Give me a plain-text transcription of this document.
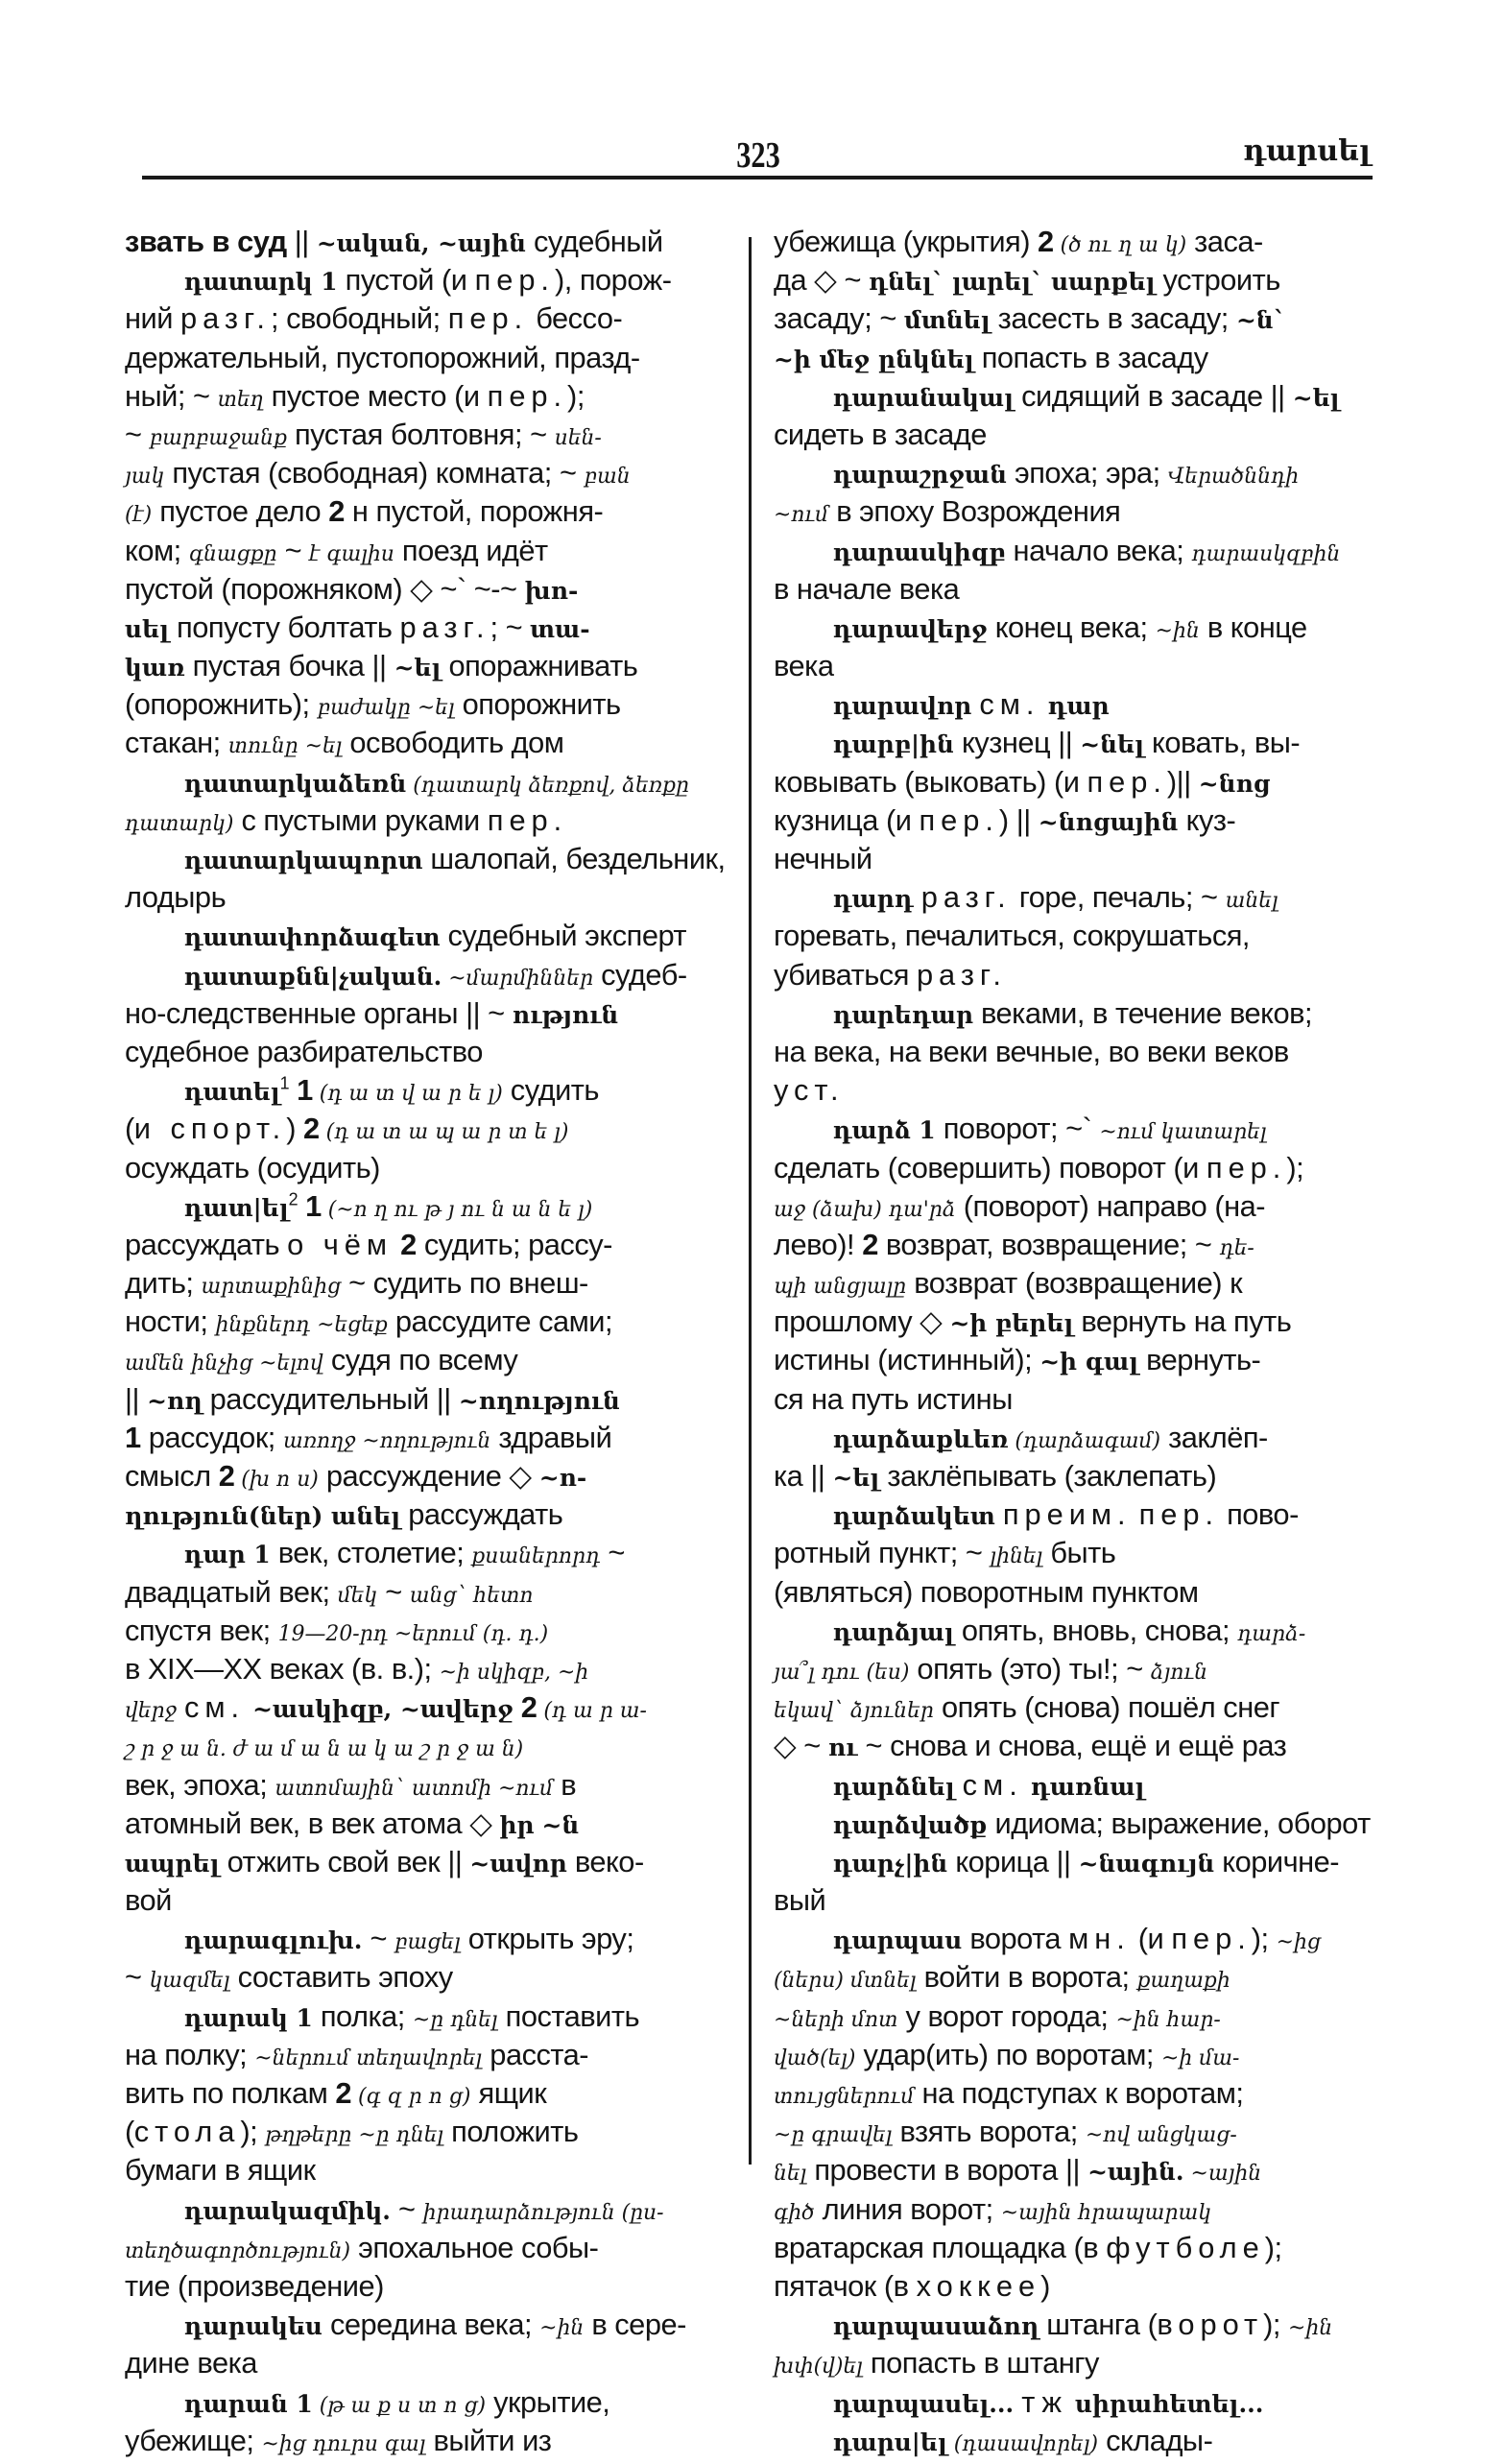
323	դարսել
звать в суд || ~ական, ~ային судебный
դատարկ 1 пустой (и пер.), порож-
ний разг.; свободный; пер. бессо-
держательный, пустопорожний, празд-
ный; ~ տեղ пустое место (и пер.);
~ բարբաջանք пустая болтовня; ~ սեն-
յակ пустая (свободная) комната; ~ բան
(է) пустое дело 2 н пустой, порожня-
ком; գնացքը ~ է գալիս поезд идёт
пустой (порожняком) ◇ ~` ~-~ խո-
սել попусту болтать разг.; ~ տա-
կառ пустая бочка || ~ել опоражнивать
(опорожнить); բաժակը ~ել опорожнить
стакан; տունը ~ել освободить дом
դատարկաձեռն (դատարկ ձեռքով, ձեռքը
դատարկ) с пустыми руками пер.
դատարկապորտ шалопай, бездельник,
лодырь
դատափորձագետ судебный эксперт
դատաքնն|չական. ~մարմիններ судеб-
но-следственные органы || ~ ություն
судебное разбирательство
դատել$^1$ 1 (դ ա տ վ ա ր ե լ) судить
(и спорт.) 2 (դ ա տ ա պ ա ր տ ե լ)
осуждать (осудить)
դատ|ել$^2$ 1 (~ո ղ ու թ յ ու ն ա ն ե լ)
рассуждать о чём 2 судить; рассу-
дить; արտաքինից ~ судить по внеш-
ности; ինքներդ ~եցեք рассудите сами;
ամեն ինչից ~ելով судя по всему
|| ~ող рассудительный || ~ողություն
1 рассудок; առողջ ~ողություն здравый
смысл 2 (խ ո ս) рассуждение ◇ ~ո-
ղություն(ներ) անել рассуждать
դար 1 век, столетие; քսաներորդ ~
двадцатый век; մեկ ~ անց` հետո
спустя век; 19—20-րդ ~երում (դ. դ.)
в XIX—XX веках (в. в.); ~ի սկիզբ, ~ի
վերջ см. ~ասկիզբ, ~ավերջ 2 (դ ա ր ա-
շ ր ջ ա ն. ժ ա մ ա ն ա կ ա շ ր ջ ա ն)
век, эпоха; ատոմային` ատոմի ~ում в
атомный век, в век атома ◇ իր ~ն
ապրել отжить свой век || ~ավոր веко-
вой
դարագլուխ. ~ բացել открыть эру;
~ կազմել составить эпоху
դարակ 1 полка; ~ը դնել поставить
на полку; ~ներում տեղավորել расста-
вить по полкам 2 (գ զ ր ո ց) ящик
(стола); թղթերը ~ը դնել положить
бумаги в ящик
դարակազմիկ. ~ իրադարձություն (ըս-
տեղծագործություն) эпохальное собы-
тие (произведение)
դարակես середина века; ~ին в сере-
дине века
դարան 1 (թ ա ք ս տ ո ց) укрытие,
убежище; ~ից դուրս գալ выйти из
убежища (укрытия) 2 (ծ ու ղ ա կ) заса-
да ◇ ~ դնել` լարել` սարքել устроить
засаду; ~ մտնել засесть в засаду; ~ն`
~ի մեջ ընկնել попасть в засаду
դարանակալ сидящий в засаде || ~ել
сидеть в засаде
դարաշրջան эпоха; эра; Վերածննդի
~ում в эпоху Возрождения
դարասկիզբ начало века; դարասկզբին
в начале века
դարավերջ конец века; ~ին в конце
века
դարավոր см. դար
դարբ|ին кузнец || ~նել ковать, вы-
ковывать (выковать) (и пер.)|| ~նոց
кузница (и пер.) || ~նոցային куз-
нечный
դարդ разг. горе, печаль; ~ անել
горевать, печалиться, сокрушаться,
убиваться разг.
դարեդար веками, в течение веков;
на века, на веки вечные, во веки веков
уст.
դարձ 1 поворот; ~` ~ում կատարել
сделать (совершить) поворот (и пер.);
աջ (ձախ) դա'րձ (поворот) направо (на-
лево)! 2 возврат, возвращение; ~ դե-
պի անցյալը возврат (возвращение) к
прошлому ◇ ~ի բերել вернуть на путь
истины (истинный); ~ի գալ вернуть-
ся на путь истины
դարձաքևեռ (դարձագամ) заклёп-
ка || ~ել заклёпывать (заклепать)
դարձակետ преим. пер. пово-
ротный пункт; ~ լինել быть
(являться) поворотным пунктом
դարձյալ опять, вновь, снова; դարձ-
յա՞լ դու (ես) опять (это) ты!; ~ ձյուն
եկավ` ձյուներ опять (снова) пошёл снег
◇ ~ ու ~ снова и снова, ещё и ещё раз
դարձնել см. դառնալ
դարձվածք идиома; выражение, оборот
դարչ|ին корица || ~նագույն коричне-
вый
դարպաս ворота мн. (и пер.); ~ից
(ներս) մտնել войти в ворота; քաղաքի
~ների մոտ у ворот города; ~ին հար-
ված(ել) удар(ить) по воротам; ~ի մա-
տույցներում на подступах к воротам;
~ը գրավել взять ворота; ~ով անցկաց-
նել провести в ворота || ~ային. ~ային
գիծ линия ворот; ~ային հրապարակ
вратарская площадка (в футболе);
пятачок (в хоккее)
դարպասաձող штанга (ворот); ~ին
խփ(վ)ել попасть в штангу
դարպասել... тж սիրահետել...
դարս|ել (դասավորել) склады-
